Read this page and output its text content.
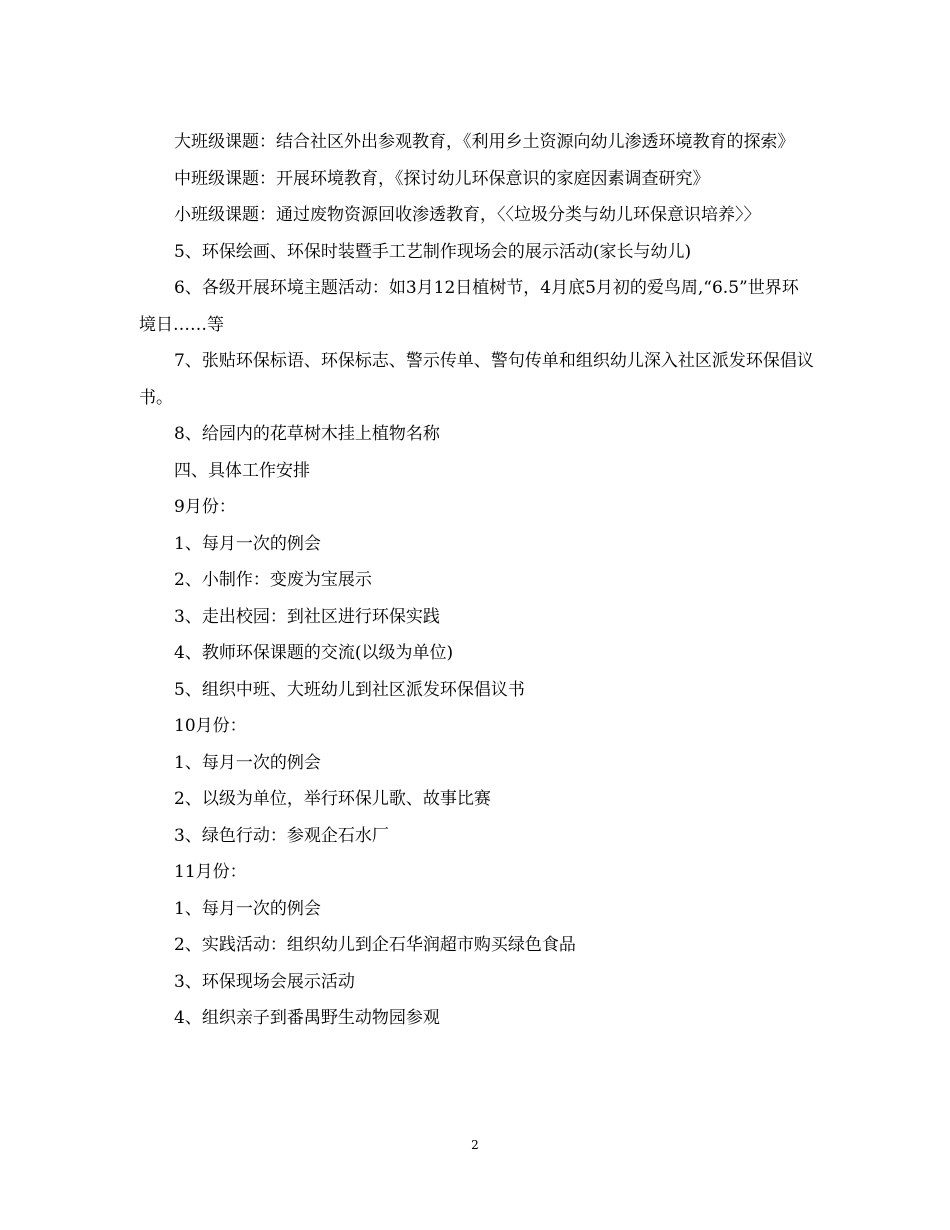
大班级课题：结合社区外出参观教育，《利用乡土资源向幼儿渗透环境教育的探索》

中班级课题：开展环境教育，《探讨幼儿环保意识的家庭因素调查研究》

小班级课题：通过废物资源回收渗透教育，〈〈垃圾分类与幼儿环保意识培养〉〉

5、环保绘画、环保时装暨手工艺制作现场会的展示活动(家长与幼儿)

6、各级开展环境主题活动：如3月12日植树节，4月底5月初的爱鸟周,“6.5”世界环境日……等

7、张贴环保标语、环保标志、警示传单、警句传单和组织幼儿深入社区派发环保倡议书。

8、给园内的花草树木挂上植物名称

四、具体工作安排

9月份：

1、每月一次的例会

2、小制作：变废为宝展示

3、走出校园：到社区进行环保实践

4、教师环保课题的交流(以级为单位)

5、组织中班、大班幼儿到社区派发环保倡议书

10月份：

1、每月一次的例会

2、以级为单位，举行环保儿歌、故事比赛

3、绿色行动：参观企石水厂

11月份：

1、每月一次的例会

2、实践活动：组织幼儿到企石华润超市购买绿色食品

3、环保现场会展示活动

4、组织亲子到番禺野生动物园参观

2
